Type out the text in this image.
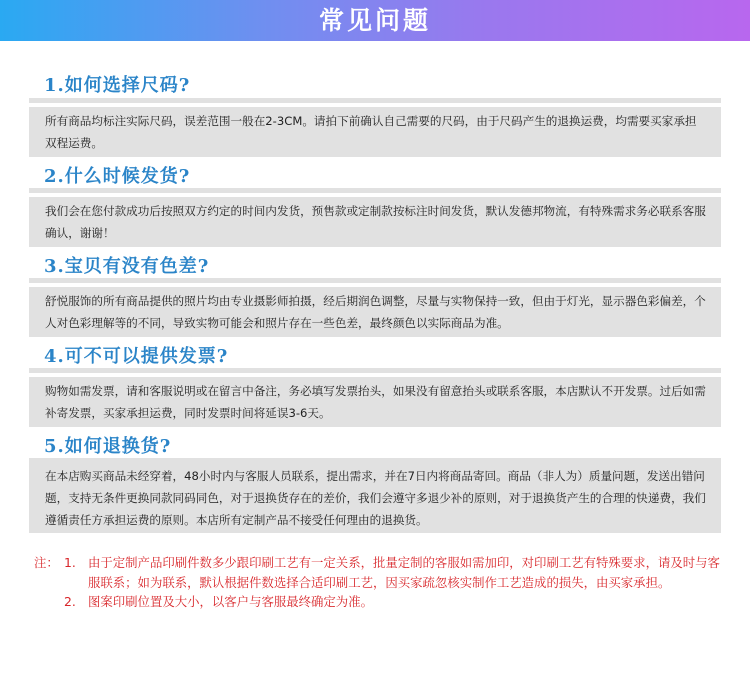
常见问题
1.如何选择尺码?
所有商品均标注实际尺码，误差范围一般在2-3CM。请拍下前确认自己需要的尺码，由于尺码产生的退换运费，均需要买家承担双程运费。
2.什么时候发货?
我们会在您付款成功后按照双方约定的时间内发货，预售款或定制款按标注时间发货，默认发德邦物流，有特殊需求务必联系客服确认，谢谢！
3.宝贝有没有色差?
舒悦服饰的所有商品提供的照片均由专业摄影师拍摄，经后期润色调整，尽量与实物保持一致，但由于灯光，显示器色彩偏差，个人对色彩理解等的不同，导致实物可能会和照片存在一些色差，最终颜色以实际商品为准。
4.可不可以提供发票?
购物如需发票，请和客服说明或在留言中备注，务必填写发票抬头，如果没有留意抬头或联系客服，本店默认不开发票。过后如需补寄发票，买家承担运费，同时发票时间将延误3-6天。
5.如何退换货?
在本店购买商品未经穿着，48小时内与客服人员联系，提出需求，并在7日内将商品寄回。商品（非人为）质量问题，发送出错问题，支持无条件更换同款同码同色，对于退换货存在的差价，我们会遵守多退少补的原则，对于退换货产生的合理的快递费，我们遵循责任方承担运费的原则。本店所有定制产品不接受任何理由的退换货。
注： 1. 由于定制产品印刷件数多少跟印刷工艺有一定关系，批量定制的客服如需加印，对印刷工艺有特殊要求，请及时与客服联系；如为联系，默认根据件数选择合适印刷工艺，因买家疏忽核实制作工艺造成的损失，由买家承担。
2. 图案印刷位置及大小，以客户与客服最终确定为准。
